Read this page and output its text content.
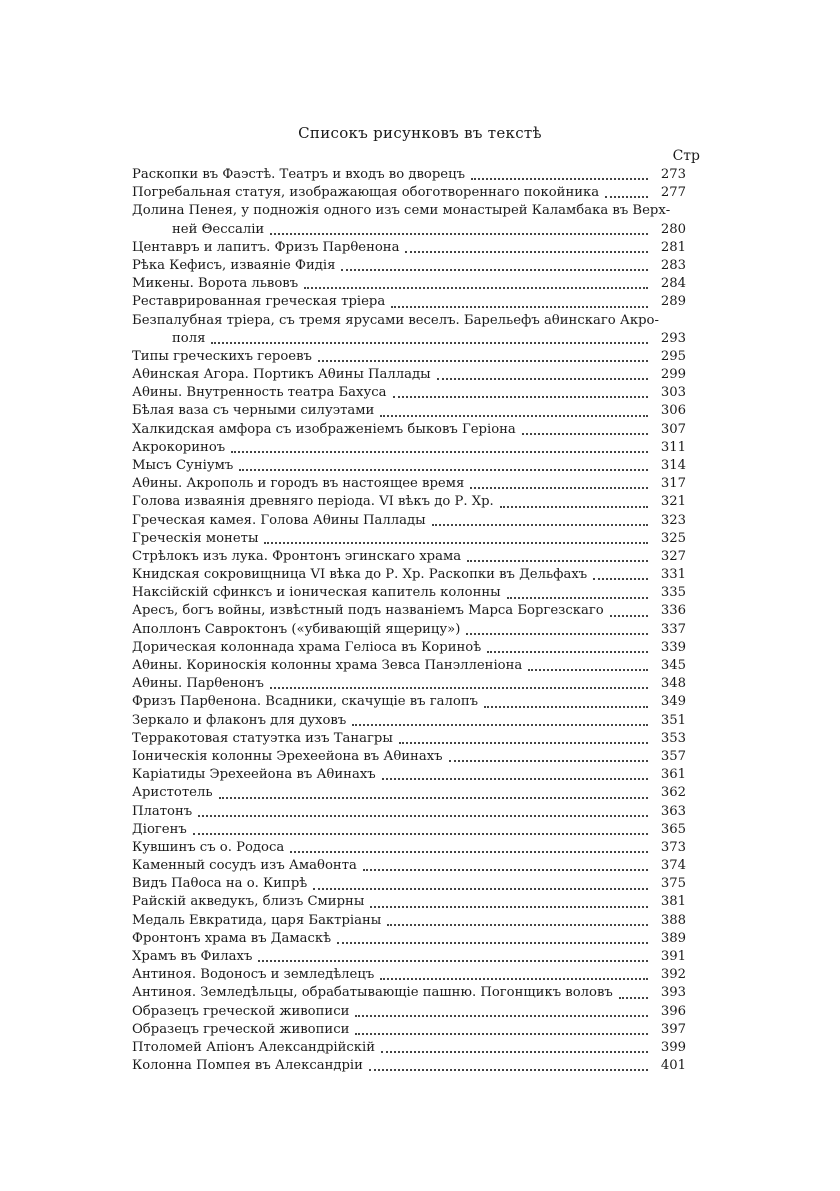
Списокъ рисунковъ въ текстѣ
Стр
Раскопки въ Фаэстѣ. Театръ и входъ во дворецъ	273
Погребальная статуя, изображающая обоготвореннаго покойника	277
Долина Пенея, у подножія одного изъ семи монастырей Каламбака въ Верх-
ней Θессаліи	280
Центавръ и лапитъ. Фризъ Парθенона	281
Рѣка Кефисъ, изваяніе Фидія	283
Микены. Ворота львовъ	284
Реставрированная греческая тріера	289
Безпалубная тріера, съ тремя ярусами веселъ. Барельефъ аθинскаго Акро-
поля	293
Типы греческихъ героевъ	295
Аθинская Агора. Портикъ Аθины Паллады	299
Аθины. Внутренность театра Бахуса	303
Бѣлая ваза съ черными силуэтами	306
Халкидская амфора съ изображеніемъ быковъ Геріона	307
Акрокориноъ	311
Мысъ Суніумъ	314
Аθины. Акрополь и городъ въ настоящее время	317
Голова изваянія древняго періода. VI вѣкъ до Р. Хр.	321
Греческая камея. Голова Аθины Паллады	323
Греческія монеты	325
Стрѣлокъ изъ лука. Фронтонъ эгинскаго храма	327
Книдская сокровищница VI вѣка до Р. Хр. Раскопки въ Дельфахъ	331
Наксійскій сфинксъ и іоническая капитель колонны	335
Аресъ, богъ войны, извѣстный подъ названіемъ Марса Боргезскаго	336
Аполлонъ Савроктонъ («убивающій ящерицу»)	337
Дорическая колоннада храма Геліоса въ Кориноѣ	339
Аθины. Кориноскія колонны храма Зевса Панэлленіона	345
Аθины. Парθенонъ	348
Фризъ Парθенона. Всадники, скачущіе въ галопъ	349
Зеркало и флаконъ для духовъ	351
Терракотовая статуэтка изъ Танагры	353
Іоническія колонны Эрехеейона въ Аθинахъ	357
Каріатиды Эрехеейона въ Аθинахъ	361
Аристотель	362
Платонъ	363
Діогенъ	365
Кувшинъ съ о. Родоса	373
Каменный сосудъ изъ Амаθонта	374
Видъ Паθоса на о. Кипрѣ	375
Райскій акведукъ, близъ Смирны	381
Медаль Евкратида, царя Бактріаны	388
Фронтонъ храма въ Дамаскѣ	389
Храмъ въ Филахъ	391
Антиноя. Водоносъ и земледѣлецъ	392
Антиноя. Земледѣльцы, обрабатывающіе пашню. Погонщикъ воловъ	393
Образецъ греческой живописи	396
Образецъ греческой живописи	397
Птоломей Апіонъ Александрійскій	399
Колонна Помпея въ Александріи	401
